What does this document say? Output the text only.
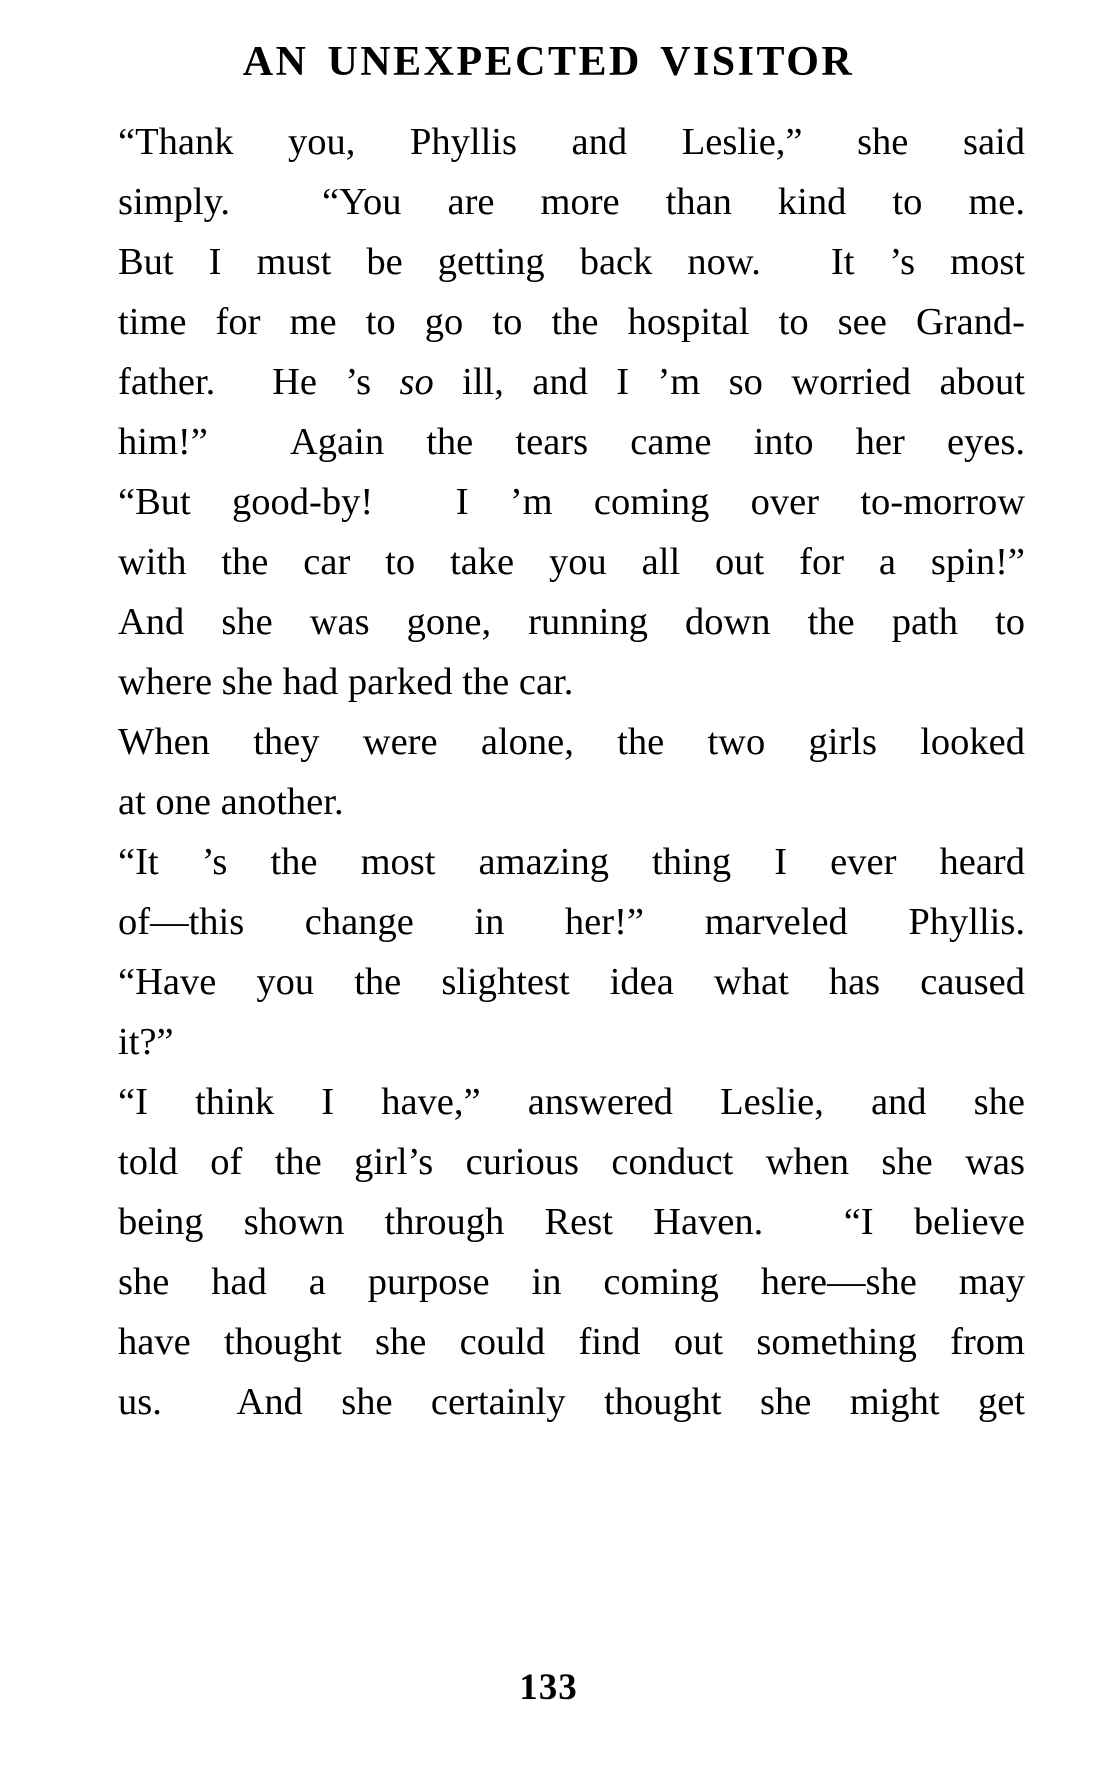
AN UNEXPECTED VISITOR

“Thank you, Phyllis and Leslie,” she said
simply.  “You are more than kind to me.
But I must be getting back now.  It ’s most
time for me to go to the hospital to see Grand-
father.  He ’s so ill, and I ’m so worried about
him!”  Again the tears came into her eyes.
“But good-by!  I ’m coming over to-morrow
with the car to take you all out for a spin!”
And she was gone, running down the path to
where she had parked the car.

When they were alone, the two girls looked
at one another.

“It ’s the most amazing thing I ever heard
of—this change in her!” marveled Phyllis.
“Have you the slightest idea what has caused
it?”

“I think I have,” answered Leslie, and she
told of the girl’s curious conduct when she was
being shown through Rest Haven.  “I believe
she had a purpose in coming here—she may
have thought she could find out something from
us.  And she certainly thought she might get

133
